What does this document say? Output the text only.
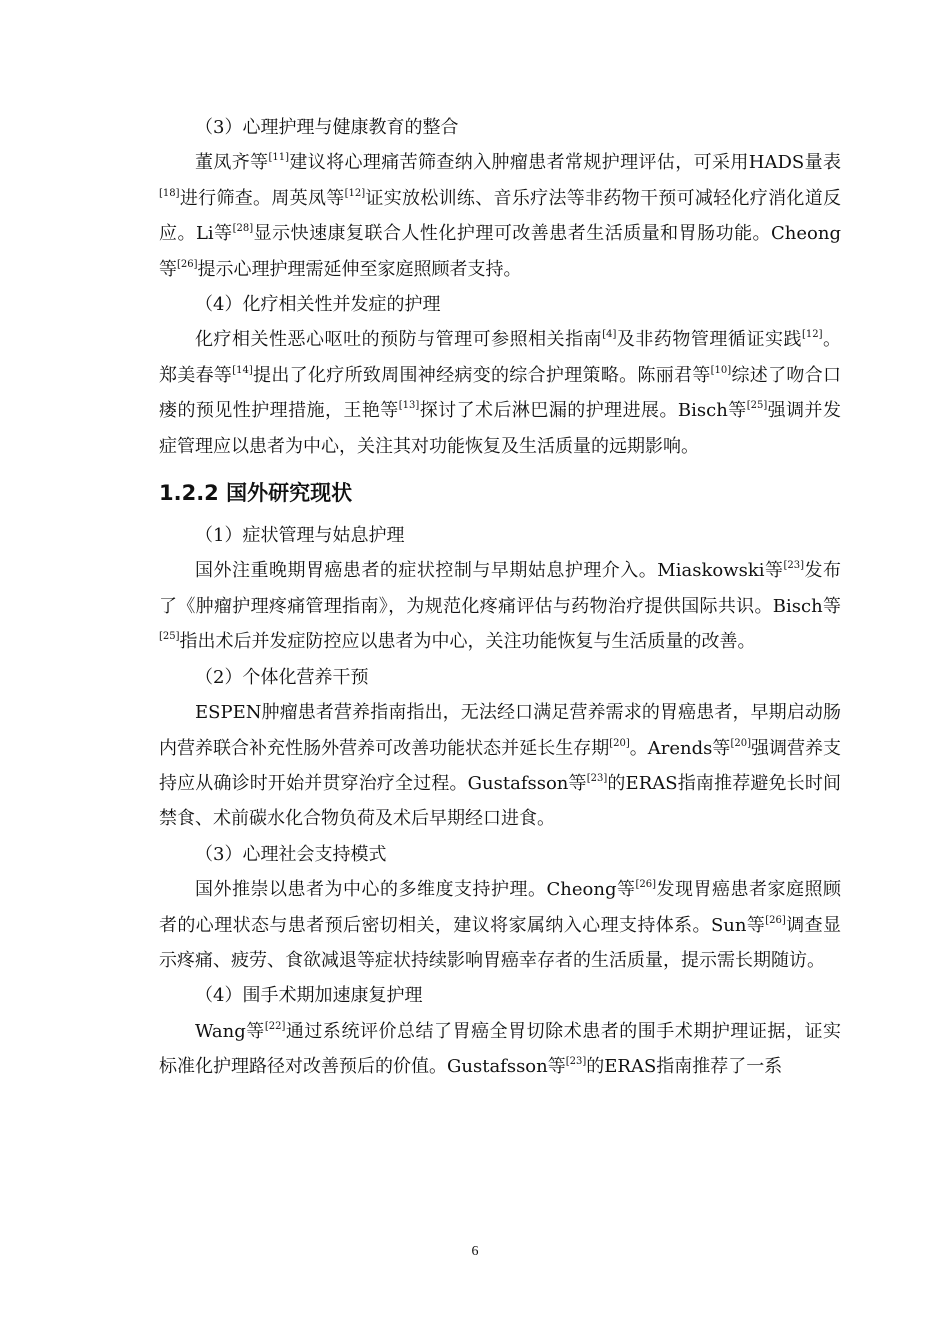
（3）心理护理与健康教育的整合

董凤齐等[11]建议将心理痛苦筛查纳入肿瘤患者常规护理评估，可采用HADS量表[18]进行筛查。周英凤等[12]证实放松训练、音乐疗法等非药物干预可减轻化疗消化道反应。Li等[28]显示快速康复联合人性化护理可改善患者生活质量和胃肠功能。Cheong等[26]提示心理护理需延伸至家庭照顾者支持。

（4）化疗相关性并发症的护理

化疗相关性恶心呕吐的预防与管理可参照相关指南[4]及非药物管理循证实践[12]。郑美春等[14]提出了化疗所致周围神经病变的综合护理策略。陈丽君等[10]综述了吻合口瘘的预见性护理措施，王艳等[13]探讨了术后淋巴漏的护理进展。Bisch等[25]强调并发症管理应以患者为中心，关注其对功能恢复及生活质量的远期影响。

1.2.2 国外研究现状

（1）症状管理与姑息护理

国外注重晚期胃癌患者的症状控制与早期姑息护理介入。Miaskowski等[23]发布了《肿瘤护理疼痛管理指南》，为规范化疼痛评估与药物治疗提供国际共识。Bisch等[25]指出术后并发症防控应以患者为中心，关注功能恢复与生活质量的改善。

（2）个体化营养干预

ESPEN肿瘤患者营养指南指出，无法经口满足营养需求的胃癌患者，早期启动肠内营养联合补充性肠外营养可改善功能状态并延长生存期[20]。Arends等[20]强调营养支持应从确诊时开始并贯穿治疗全过程。Gustafsson等[23]的ERAS指南推荐避免长时间禁食、术前碳水化合物负荷及术后早期经口进食。

（3）心理社会支持模式

国外推崇以患者为中心的多维度支持护理。Cheong等[26]发现胃癌患者家庭照顾者的心理状态与患者预后密切相关，建议将家属纳入心理支持体系。Sun等[26]调查显示疼痛、疲劳、食欲减退等症状持续影响胃癌幸存者的生活质量，提示需长期随访。

（4）围手术期加速康复护理

Wang等[22]通过系统评价总结了胃癌全胃切除术患者的围手术期护理证据，证实标准化护理路径对改善预后的价值。Gustafsson等[23]的ERAS指南推荐了一系

6
